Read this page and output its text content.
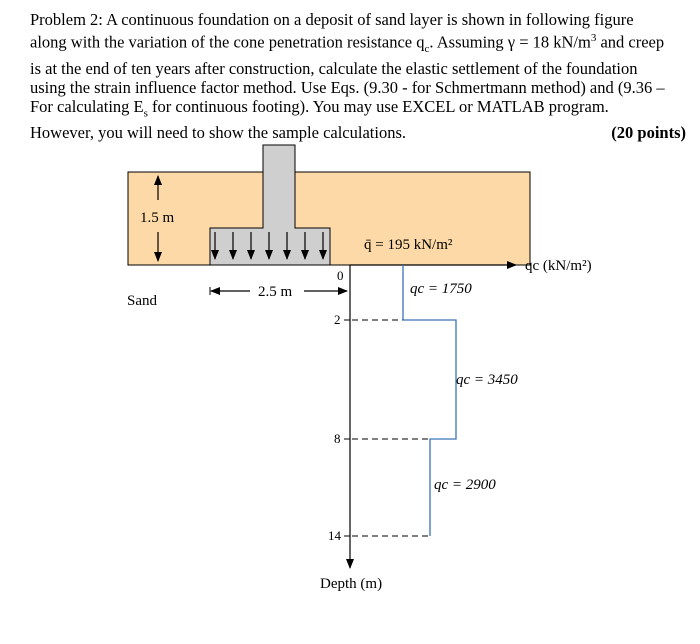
Problem 2: A continuous foundation on a deposit of sand layer is shown in following figure
along with the variation of the cone penetration resistance $q_c$. Assuming γ = 18 $kN/m^3$ and creep
is at the end of ten years after construction, calculate the elastic settlement of the foundation
using the strain influence factor method. Use Eqs. (9.30 - for Schmertmann method) and (9.36 –
For calculating $E_s$ for continuous footing). You may use EXCEL or MATLAB program.
However, you will need to show the sample calculations.	(20 points)
1.5 m
q̄ = 195 kN/m²
qc (kN/m²)
2.5 m
Sand
Depth (m)
0
2
8
14
qc = 1750
qc = 3450
qc = 2900
